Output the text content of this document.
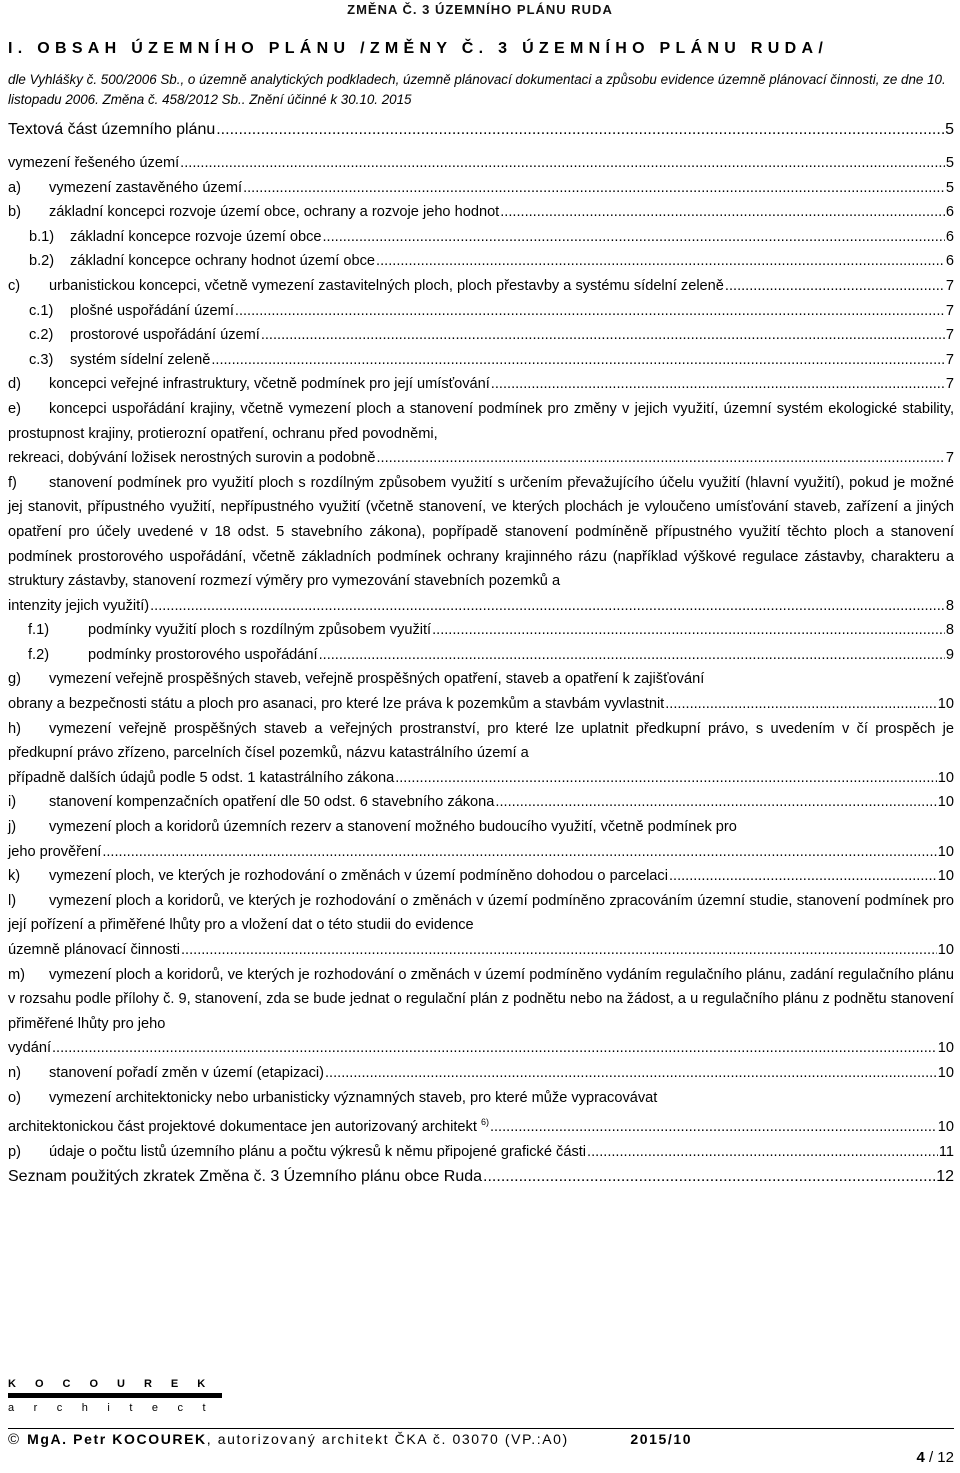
ZMĚNA Č. 3 ÚZEMNÍHO PLÁNU RUDA
I. OBSAH ÚZEMNÍHO PLÁNU /ZMĚNY Č. 3 ÚZEMNÍHO PLÁNU RUDA/
dle Vyhlášky č. 500/2006 Sb., o územně analytických podkladech, územně plánovací dokumentaci a způsobu evidence územně plánovací činnosti, ze dne 10. listopadu 2006. Změna č. 458/2012 Sb.. Znění účinné k 30.10. 2015
Textová část územního plánu .....	5
vymezení řešeného území .....	5
a) vymezení zastavěného území .....	5
b) základní koncepci rozvoje území obce, ochrany a rozvoje jeho hodnot .....	6
b.1) základní koncepce rozvoje území obce .....	6
b.2) základní koncepce ochrany hodnot území obce .....	6
c) urbanistickou koncepci, včetně vymezení zastavitelných ploch, ploch přestavby a systému sídelní zeleně .....	7
c.1) plošné uspořádání území .....	7
c.2) prostorové uspořádání území .....	7
c.3) systém sídelní zeleně .....	7
d) koncepci veřejné infrastruktury, včetně podmínek pro její umísťování .....	7
e) koncepci uspořádání krajiny, včetně vymezení ploch a stanovení podmínek pro změny v jejich využití, územní systém ekologické stability, prostupnost krajiny, protierozní opatření, ochranu před povodněmi,
rekreaci, dobývání ložisek nerostných surovin a podobně .....	7
f) stanovení podmínek pro využití ploch s rozdílným způsobem využití s určením převažujícího účelu využití (hlavní využití), pokud je možné jej stanovit, přípustného využití, nepřípustného využití (včetně stanovení, ve kterých plochách je vyloučeno umísťování staveb, zařízení a jiných opatření pro účely uvedené v 18 odst. 5 stavebního zákona), popřípadě stanovení podmíněně přípustného využití těchto ploch a stanovení podmínek prostorového uspořádání, včetně základních podmínek ochrany krajinného rázu (například výškové regulace zástavby, charakteru a struktury zástavby, stanovení rozmezí výměry pro vymezování stavebních pozemků a
intenzity jejich využití) .....	8
f.1)	podmínky využití ploch s rozdílným způsobem využití .....	8
f.2)	podmínky prostorového uspořádání .....	9
g) vymezení veřejně prospěšných staveb, veřejně prospěšných opatření, staveb a opatření k zajišťování
obrany a bezpečnosti státu a ploch pro asanaci, pro které lze práva k pozemkům a stavbám vyvlastnit .....	10
h) vymezení veřejně prospěšných staveb a veřejných prostranství, pro které lze uplatnit předkupní právo, s uvedením v čí prospěch je předkupní právo zřízeno, parcelních čísel pozemků, názvu katastrálního území a
případně dalších údajů podle 5 odst. 1 katastrálního zákona .....	10
i) stanovení kompenzačních opatření dle 50 odst. 6 stavebního zákona .....	10
j) vymezení ploch a koridorů územních rezerv a stanovení možného budoucího využití, včetně podmínek pro
jeho prověření .....	10
k) vymezení ploch, ve kterých je rozhodování o změnách v území podmíněno dohodou o parcelaci .....	10
l) vymezení ploch a koridorů, ve kterých je rozhodování o změnách v území podmíněno zpracováním územní studie, stanovení podmínek pro její pořízení a přiměřené lhůty pro a vložení dat o této studii do evidence
územně plánovací činnosti .....	10
m) vymezení ploch a koridorů, ve kterých je rozhodování o změnách v území podmíněno vydáním regulačního plánu, zadání regulačního plánu v rozsahu podle přílohy č. 9, stanovení, zda se bude jednat o regulační plán z podnětu nebo na žádost, a u regulačního plánu z podnětu stanovení přiměřené lhůty pro jeho
vydání .....	10
n) stanovení pořadí změn v území (etapizaci) .....	10
o) vymezení architektonicky nebo urbanisticky významných staveb, pro které může vypracovávat
architektonickou část projektové dokumentace jen autorizovaný architekt $^{6)}$ .....	10
p) údaje o počtu listů územního plánu a počtu výkresů k němu připojené grafické části .....	11
Seznam použitých zkratek Změna č. 3 Územního plánu obce Ruda .....	12
KOCOUREK
architect
© MgA. Petr KOCOUREK, autorizovaný architekt ČKA č. 03070 (VP.:A0)	2015/10
4 / 12
